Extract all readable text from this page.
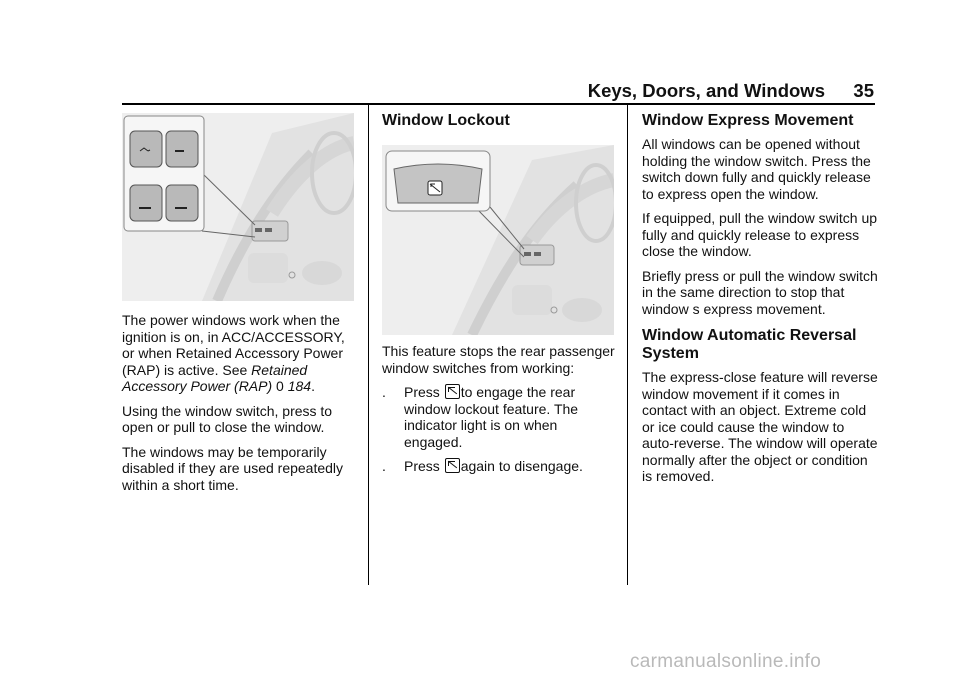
Keys, Doors, and Windows 35

The power windows work when the ignition is on, in ACC/ACCESSORY, or when Retained Accessory Power (RAP) is active. See Retained Accessory Power (RAP) 0 184.

Using the window switch, press to open or pull to close the window.

The windows may be temporarily disabled if they are used repeatedly within a short time.

Window Lockout

This feature stops the rear passenger window switches from working:

.	Press to engage the rear window lockout feature. The indicator light is on when engaged.
.	Press again to disengage.
Window Express Movement

All windows can be opened without holding the window switch. Press the switch down fully and quickly release to express open the window.

If equipped, pull the window switch up fully and quickly release to express close the window.

Briefly press or pull the window switch in the same direction to stop that window s express movement.

Window Automatic Reversal System

The express-close feature will reverse window movement if it comes in contact with an object. Extreme cold or ice could cause the window to auto-reverse. The window will operate normally after the object or condition is removed.

carmanualsonline.info
